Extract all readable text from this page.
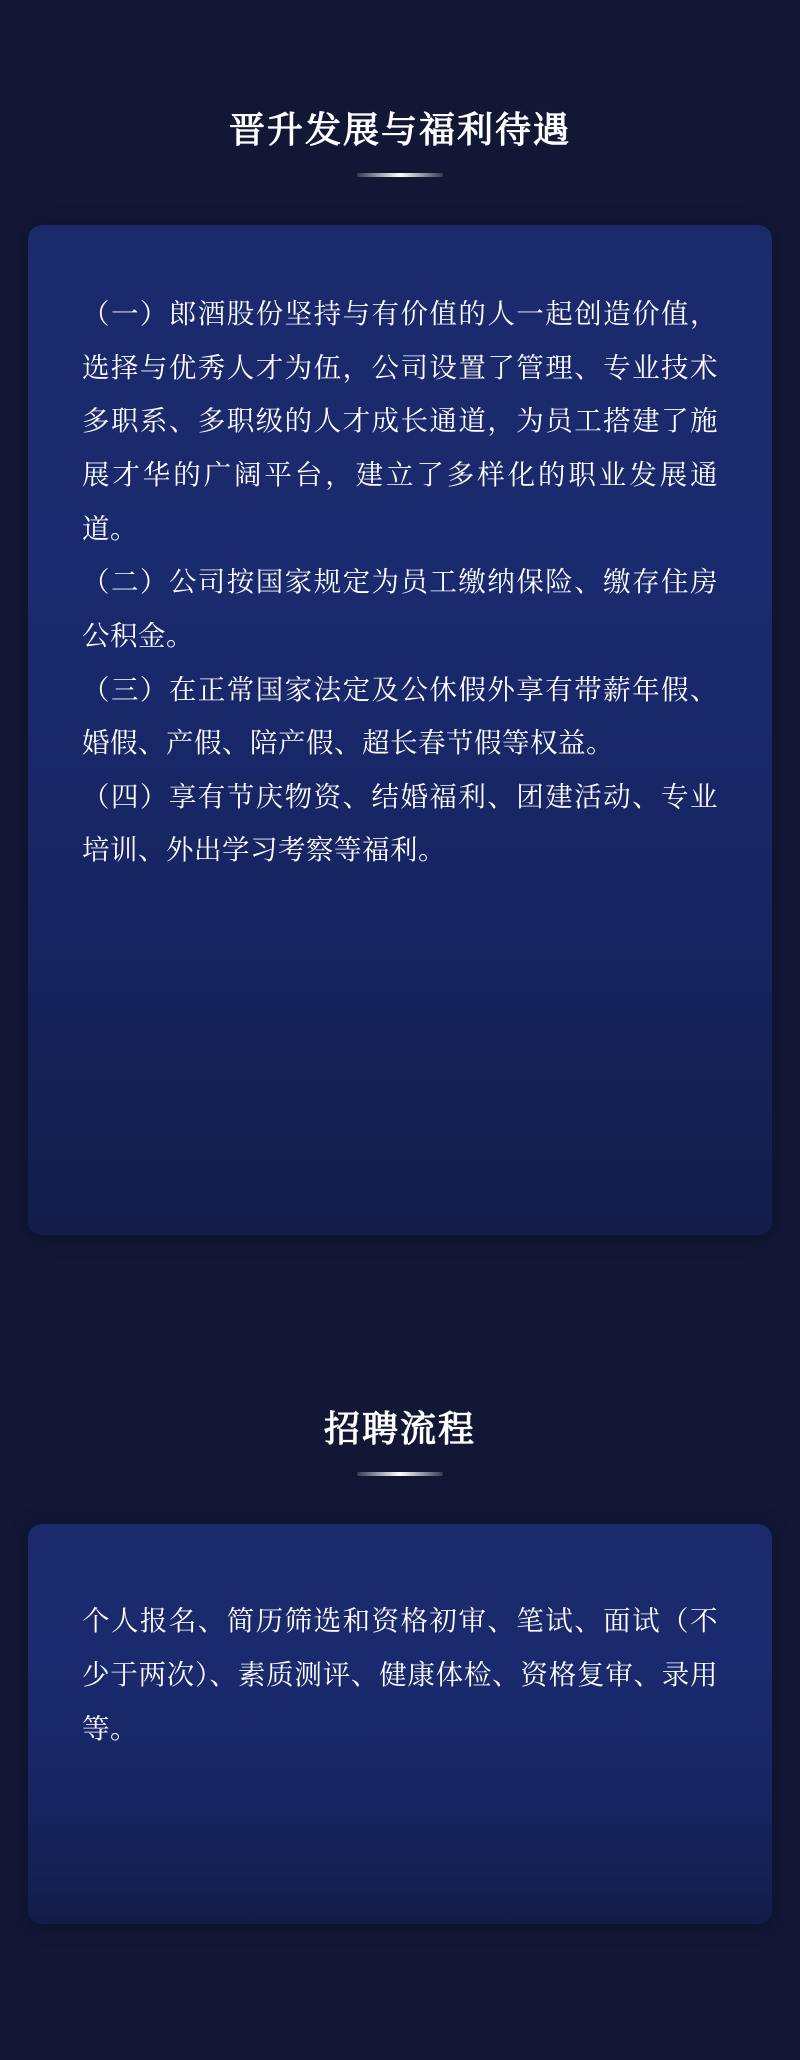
晋升发展与福利待遇

（一）郎酒股份坚持与有价值的人一起创造价值，选择与优秀人才为伍，公司设置了管理、专业技术多职系、多职级的人才成长通道，为员工搭建了施展才华的广阔平台，建立了多样化的职业发展通道。

（二）公司按国家规定为员工缴纳保险、缴存住房公积金。

（三）在正常国家法定及公休假外享有带薪年假、婚假、产假、陪产假、超长春节假等权益。

（四）享有节庆物资、结婚福利、团建活动、专业培训、外出学习考察等福利。

招聘流程

个人报名、简历筛选和资格初审、笔试、面试（不少于两次）、素质测评、健康体检、资格复审、录用等。
